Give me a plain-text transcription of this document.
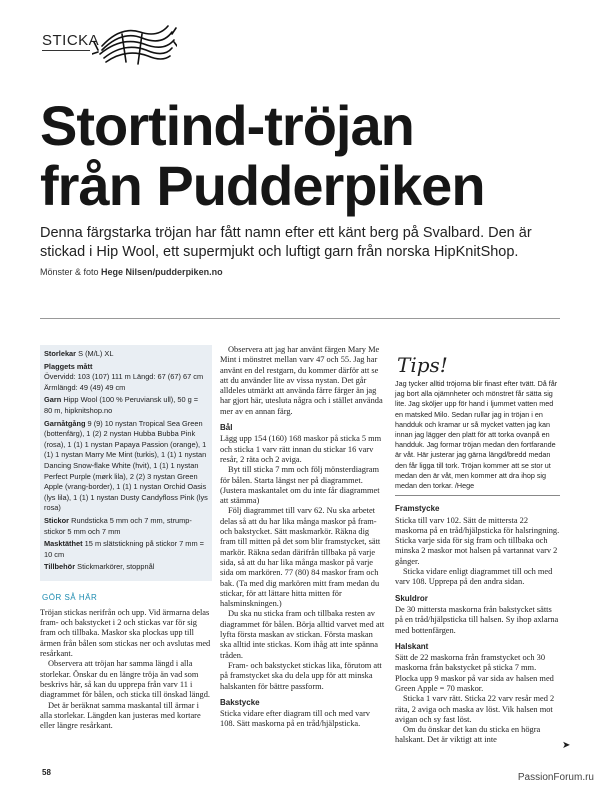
STICKA
Stortind-tröjan
från Pudderpiken
Denna färgstarka tröjan har fått namn efter ett känt berg på Svalbard. Den är stickad i Hip Wool, ett supermjukt och luftigt garn från norska HipKnitShop.
Mönster & foto Hege Nilsen/pudderpiken.no

Storlekar S (M/L) XL

Plaggets mått
Övervidd: 103 (107) 111 m Längd: 67 (67) 67 cm Ärmlängd: 49 (49) 49 cm

Garn Hipp Wool (100 % Peruviansk ull), 50 g = 80 m, hipknitshop.no

Garnåtgång 9 (9) 10 nystan Tropical Sea Green (bottenfärg), 1 (2) 2 nystan Hubba Bubba Pink (rosa), 1 (1) 1 nystan Papaya Passion (orange), 1 (1) 1 nystan Marry Me Mint (turkis), 1 (1) 1 nystan Dancing Snow-flake White (hvit), 1 (1) 1 nystan Perfect Purple (mørk lila), 2 (2) 3 nystan Green Apple (vrang-border), 1 (1) 1 nystan Orchid Oasis (lys lila), 1 (1) 1 nystan Dusty Candyfloss Pink (lys rosa)

Stickor Rundsticka 5 mm och 7 mm, strump-stickor 5 mm och 7 mm

Masktäthet 15 m slätstickning på stickor 7 mm = 10 cm

Tillbehör Stickmarkörer, stoppnål

GÖR SÅ HÄR

Tröjan stickas nerifrån och upp. Vid ärmarna delas fram- och bakstycket i 2 och stickas var för sig fram och tillbaka. Maskor ska plockas upp till ärmen från bålen som stickas ner och avslutas med resårkant.

Observera att tröjan har samma längd i alla storlekar. Önskar du en längre tröja än vad som beskrivs här, så kan du upprepa från varv 11 i diagrammet för bålen, och sticka till önskad längd.

Det är beräknat samma maskantal till ärmar i alla storlekar. Längden kan justeras med kortare eller längre resårkant.

Observera att jag har använt färgen Mary Me Mint i mönstret mellan varv 47 och 55. Jag har använt en del restgarn, du kommer därför att se att du använder lite av vissa nystan. Det går alldeles utmärkt att använda färre färger än jag har gjort här, utesluta några och i stället använda mer av en annan färg.

Bål

Lägg upp 154 (160) 168 maskor på sticka 5 mm och sticka 1 varv rätt innan du stickar 16 varv resår, 2 räta och 2 aviga.

Byt till sticka 7 mm och följ mönsterdiagram för bålen. Starta längst ner på diagrammet. (Justera maskantalet om du inte får diagrammet att stämma)

Följ diagrammet till varv 62. Nu ska arbetet delas så att du har lika många maskor på fram- och bakstycket. Sätt maskmarkör. Räkna dig fram till mitten på det som blir framstycket, sätt markör. Räkna sedan därifrån tillbaka på varje sida, så att du har lika många maskor på varje sida om markören. 77 (80) 84 maskor fram och bak. (Ta med dig markören mitt fram medan du stickar, för att lättare hitta mitten för halsminskningen.)

Du ska nu sticka fram och tillbaka resten av diagrammet för bålen. Börja alltid varvet med att lyfta första maskan av stickan. Första maskan ska alltid inte stickas. Kom ihåg att inte spänna tråden.

Fram- och bakstycket stickas lika, förutom att på framstycket ska du dela upp för att minska halskanten för bättre passform.

Bakstycke

Sticka vidare efter diagram till och med varv 108. Sätt maskorna på en tråd/hjälpsticka.

Tips!
Jag tycker alltid tröjorna blir finast efter tvätt. Då får jag bort alla ojämnheter och mönstret får sätta sig lite. Jag sköljer upp för hand i ljummet vatten med en matsked Milo. Sedan rullar jag in tröjan i en handduk och kramar ur så mycket vatten jag kan innan jag lägger den platt för att torka ovanpå en handduk. Jag formar tröjan medan den fortfarande är våt. Här justerar jag gärna längd/bredd medan den får ligga till tork. Tröjan kommer att se stor ut medan den är våt, men kommer att dra ihop sig medan den torkar. /Hege
Framstycke

Sticka till varv 102. Sätt de mittersta 22 maskorna på en tråd/hjälpsticka för halsringning. Sticka varje sida för sig fram och tillbaka och minska 2 maskor mot halsen på vartannat varv 2 gånger.

Sticka vidare enligt diagrammet till och med varv 108. Upprepa på den andra sidan.

Skuldror

De 30 mittersta maskorna från bakstycket sätts på en tråd/hjälpsticka till halsen. Sy ihop axlarna med bottenfärgen.

Halskant

Sätt de 22 maskorna från framstycket och 30 maskorna från bakstycket på sticka 7 mm. Plocka upp 9 maskor på var sida av halsen med Green Apple = 70 maskor.

Sticka 1 varv rätt. Sticka 22 varv resår med 2 räta, 2 aviga och maska av löst. Vik halsen mot avigan och sy fast löst.

Om du önskar det kan du sticka en högra halskant. Det är viktigt att inte

➤
58	PassionForum.ru
